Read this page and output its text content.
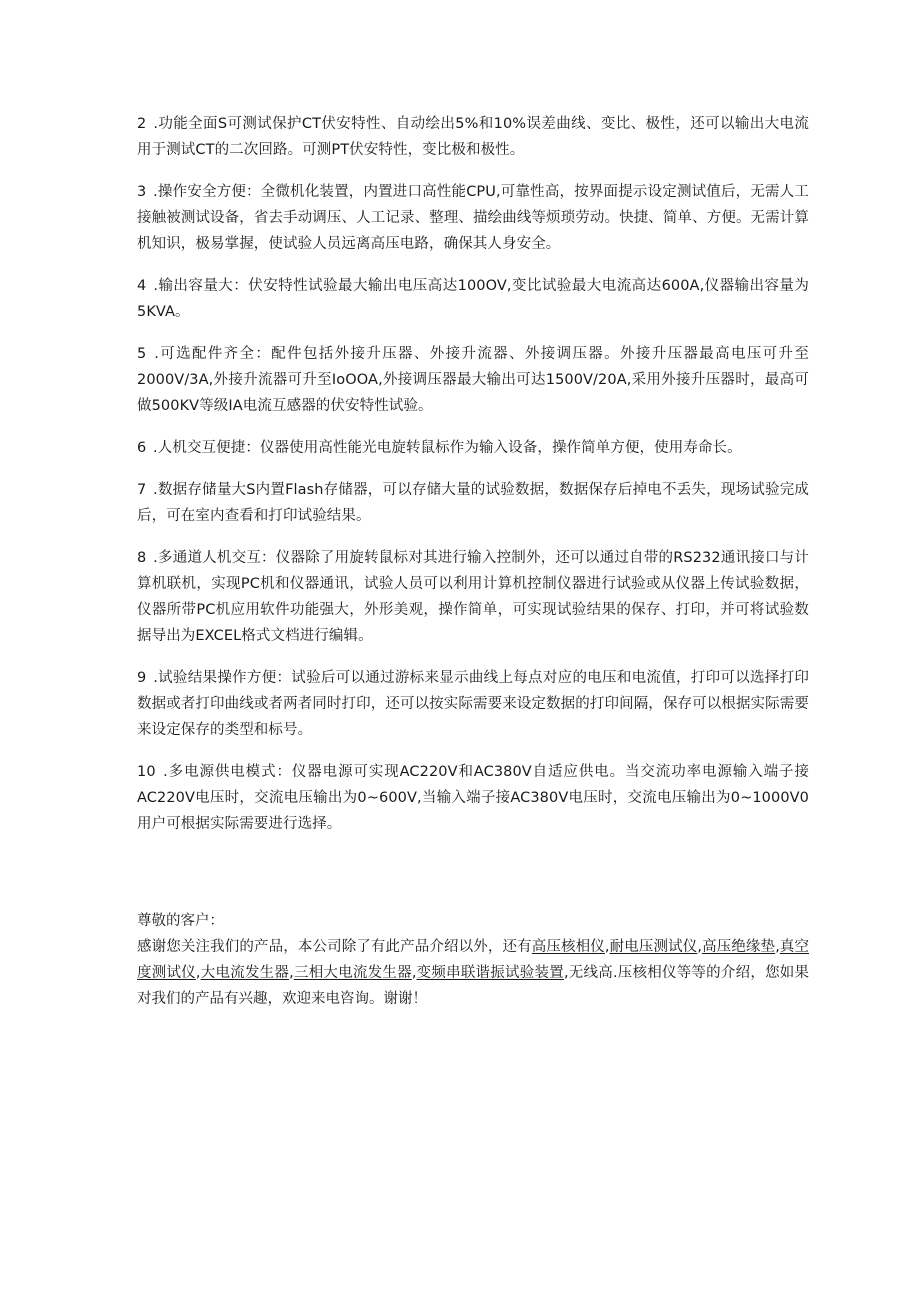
2 .功能全面S可测试保护CT伏安特性、自动绘出5%和10%误差曲线、变比、极性，还可以输出大电流用于测试CT的二次回路。可测PT伏安特性，变比极和极性。

3 .操作安全方便：全微机化装置，内置进口高性能CPU,可靠性高，按界面提示设定测试值后，无需人工接触被测试设备，省去手动调压、人工记录、整理、描绘曲线等烦琐劳动。快捷、简单、方便。无需计算机知识，极易掌握，使试验人员远离高压电路，确保其人身安全。

4 .输出容量大：伏安特性试验最大输出电压高达100OV,变比试验最大电流高达600A,仪器输出容量为5KVA。

5 .可选配件齐全：配件包括外接升压器、外接升流器、外接调压器。外接升压器最高电压可升至2000V/3A,外接升流器可升至IoOOA,外接调压器最大输出可达1500V/20A,采用外接升压器时，最高可做500KV等级IA电流互感器的伏安特性试验。

6 .人机交互便捷：仪器使用高性能光电旋转鼠标作为输入设备，操作简单方便，使用寿命长。

7 .数据存储量大S内置Flash存储器，可以存储大量的试验数据，数据保存后掉电不丢失，现场试验完成后，可在室内查看和打印试验结果。

8 .多通道人机交互：仪器除了用旋转鼠标对其进行输入控制外，还可以通过自带的RS232通讯接口与计算机联机，实现PC机和仪器通讯，试验人员可以利用计算机控制仪器进行试验或从仪器上传试验数据，仪器所带PC机应用软件功能强大，外形美观，操作简单，可实现试验结果的保存、打印，并可将试验数据导出为EXCEL格式文档进行编辑。

9 .试验结果操作方便：试验后可以通过游标来显示曲线上每点对应的电压和电流值，打印可以选择打印数据或者打印曲线或者两者同时打印，还可以按实际需要来设定数据的打印间隔，保存可以根据实际需要来设定保存的类型和标号。

10 .多电源供电模式：仪器电源可实现AC220V和AC380V自适应供电。当交流功率电源输入端子接AC220V电压时，交流电压输出为0~600V,当输入端子接AC380V电压时，交流电压输出为0~1000V0用户可根据实际需要进行选择。

尊敬的客户：

感谢您关注我们的产品，本公司除了有此产品介绍以外，还有高压核相仪,耐电压测试仪,高压绝缘垫,真空度测试仪,大电流发生器,三相大电流发生器,变频串联谐振试验装置,无线高.压核相仪等等的介绍，您如果对我们的产品有兴趣，欢迎来电咨询。谢谢！
